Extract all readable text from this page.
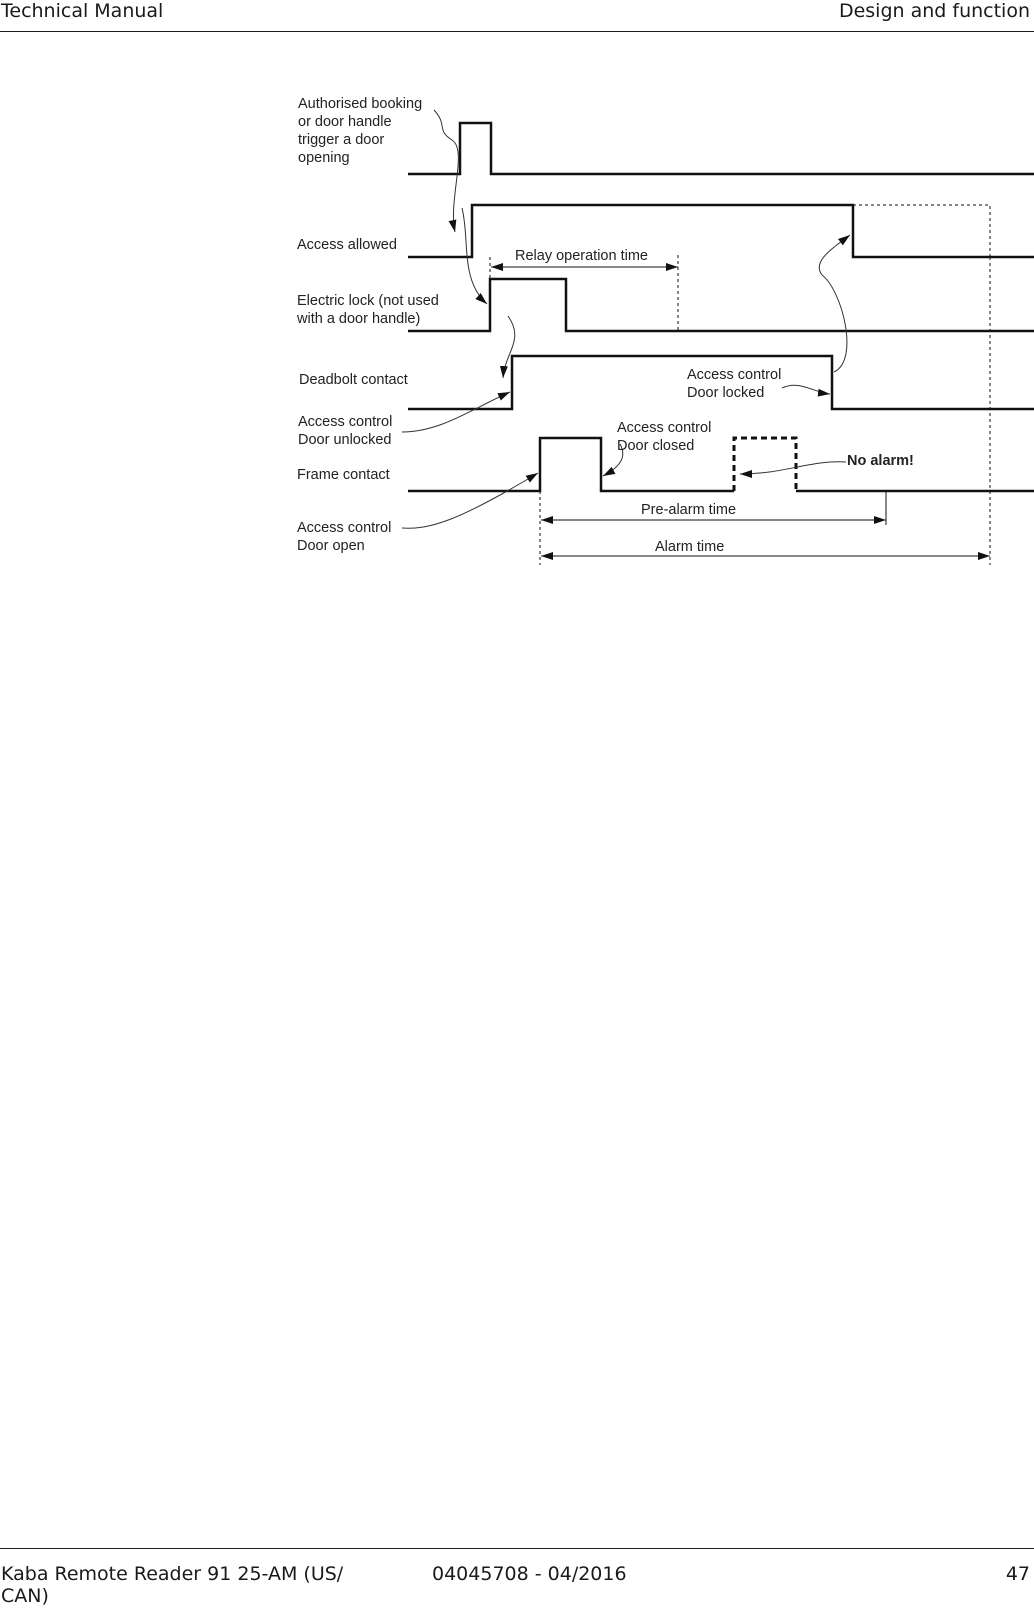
Technical Manual	Design and function
Authorised booking or door handle trigger a door opening
Access allowed
Electric lock (not used with a door handle)
Deadbolt contact
Frame contact
Access control Door unlocked
Access control Door open
Access control Door locked
Access control Door closed
No alarm!
Relay operation time
Pre-alarm time
Alarm time
Kaba Remote Reader 91 25-AM (US/
CAN)
04045708 - 04/2016	47
